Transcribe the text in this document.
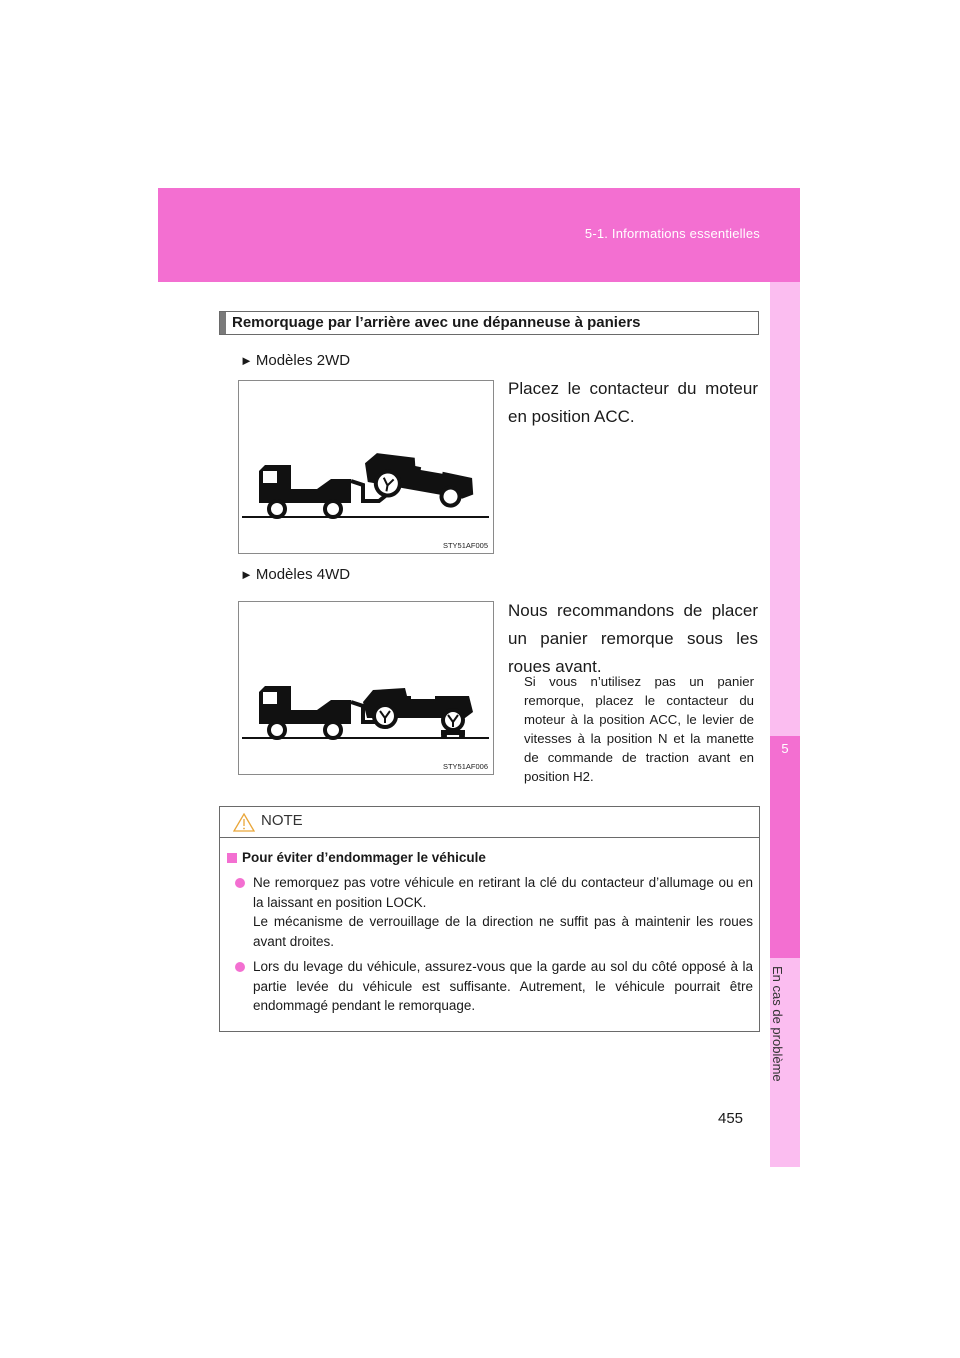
5-1. Informations essentielles
5
En cas de problème
Remorquage par l’arrière avec une dépanneuse à paniers
► Modèles 2WD
STY51AF005
Placez le contacteur du moteur en position ACC.
► Modèles 4WD
STY51AF006
Nous recommandons de placer un panier remorque sous les roues avant.
Si vous n’utilisez pas un panier remorque, placez le contacteur du moteur à la position ACC, le levier de vitesses à la position N et la manette de commande de traction avant en position H2.
NOTE
Pour éviter d’endommager le véhicule
Ne remorquez pas votre véhicule en retirant la clé du contacteur d’allumage ou en la laissant en position LOCK.
Le mécanisme de verrouillage de la direction ne suffit pas à maintenir les roues avant droites.
Lors du levage du véhicule, assurez-vous que la garde au sol du côté opposé à la partie levée du véhicule est suffisante. Autrement, le véhicule pourrait être endommagé pendant le remorquage.
455
